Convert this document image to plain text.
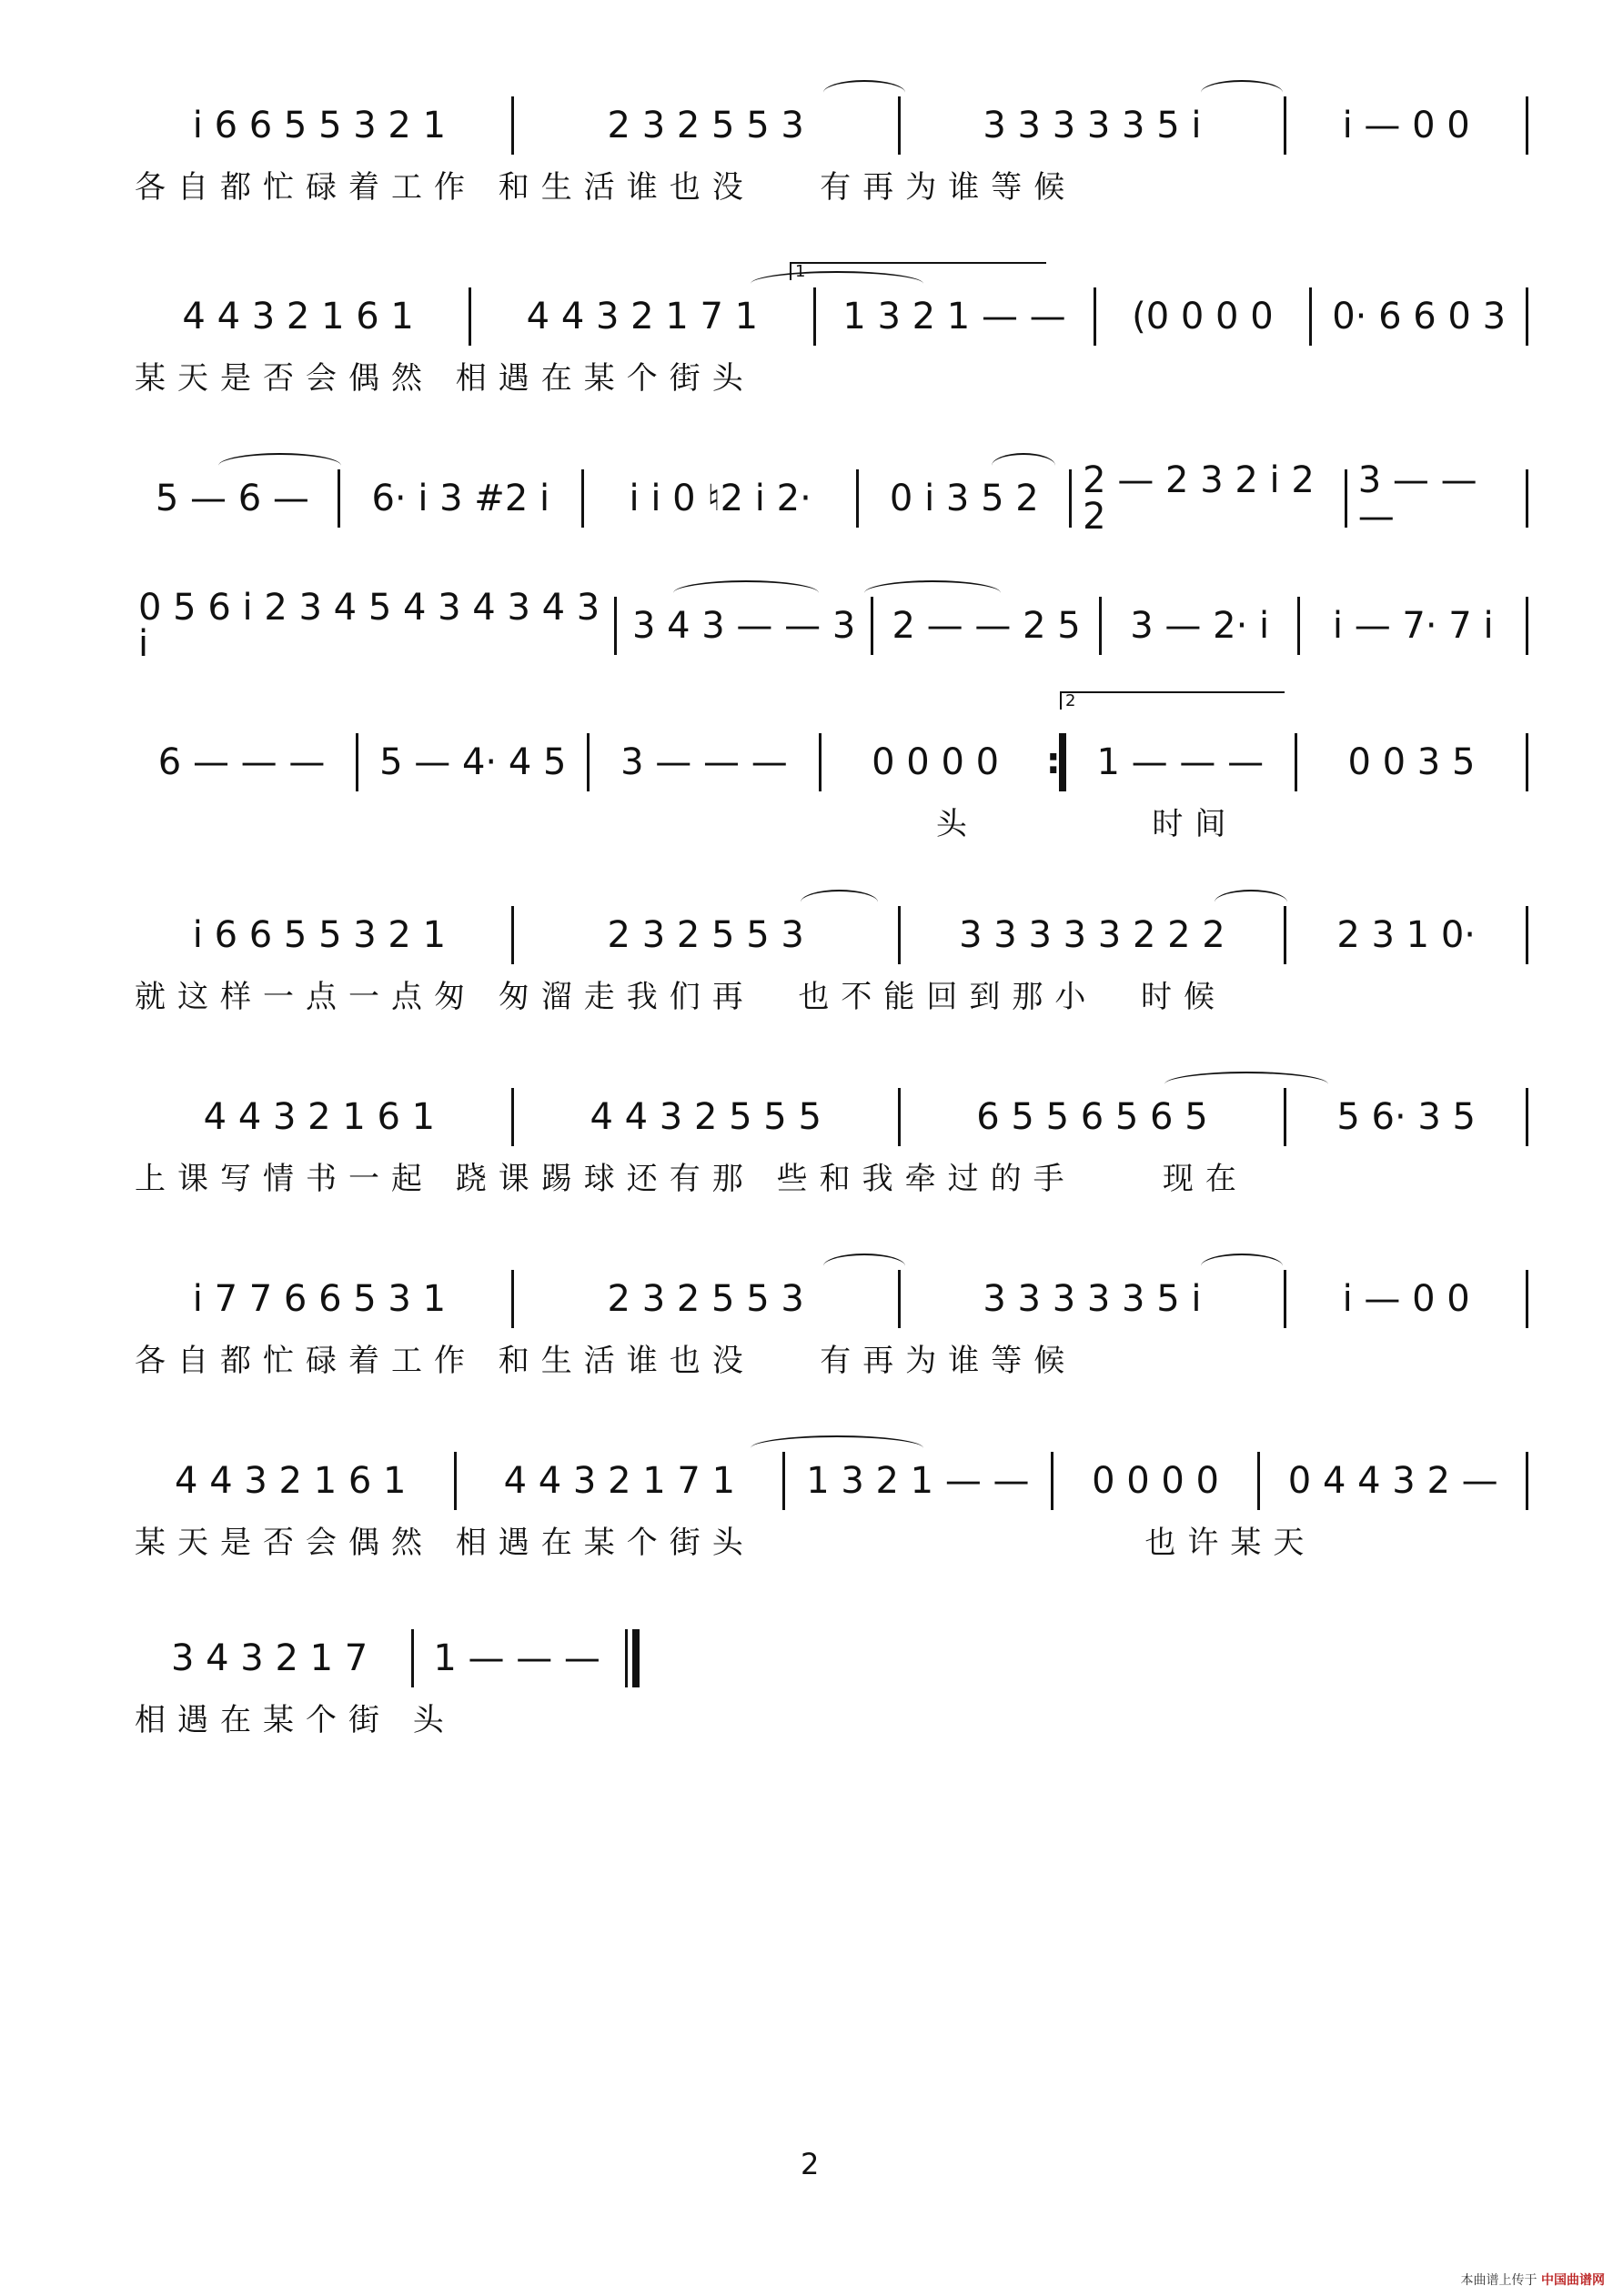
i 6 6 5 5 3 2 1	2 3 2 5 5 3	3 3 3 3 3 5 i	i — 0 0
各自都忙碌着工作 和生活谁也没   有再为谁等候
1
4 4 3 2 1 6 1	4 4 3 2 1 7 1 1 3 2 1 — — (0 0 0 0 0· 6 6 0 3
某天是否会偶然 相遇在某个街头
5 — 6 — 6· i 3 #2 i i i 0 ♮2 i 2· 0 i 3 5 2 2 — 2 3 2 i 2 2
3 — — —
0 5 6 i 2 3 4 5 4 3 4 3 4 3 i	3 4 3 — — 3 2 — — 2 5 3 — 2· i i — 7· 7 i
2
6 — — — 5 — 4· 4 5 3 — — — 0 0 0 0
:	1 — — — 0 0 3 5
头        时间
i 6 6 5 5 3 2 1	2 3 2 5 5 3	3 3 3 3 3 2 2 2	2 3 1 0·
就这样一点一点匆 匆溜走我们再  也不能回到那小  时候
4 4 3 2 1 6 1	4 4 3 2 5 5 5	6 5 5 6 5 6 5	5 6· 3 5
上课写情书一起 跷课踢球还有那 些和我牵过的手    现在
i 7 7 6 6 5 3 1	2 3 2 5 5 3	3 3 3 3 3 5 i	i — 0 0
各自都忙碌着工作 和生活谁也没   有再为谁等候
4 4 3 2 1 6 1	4 4 3 2 1 7 1 1 3 2 1 — — 0 0 0 0 0 4 4 3 2 —
某天是否会偶然 相遇在某个街头                  也许某天
3 4 3 2 1 7 1 — — —
相遇在某个街 头
2
本曲谱上传于 中国曲谱网
